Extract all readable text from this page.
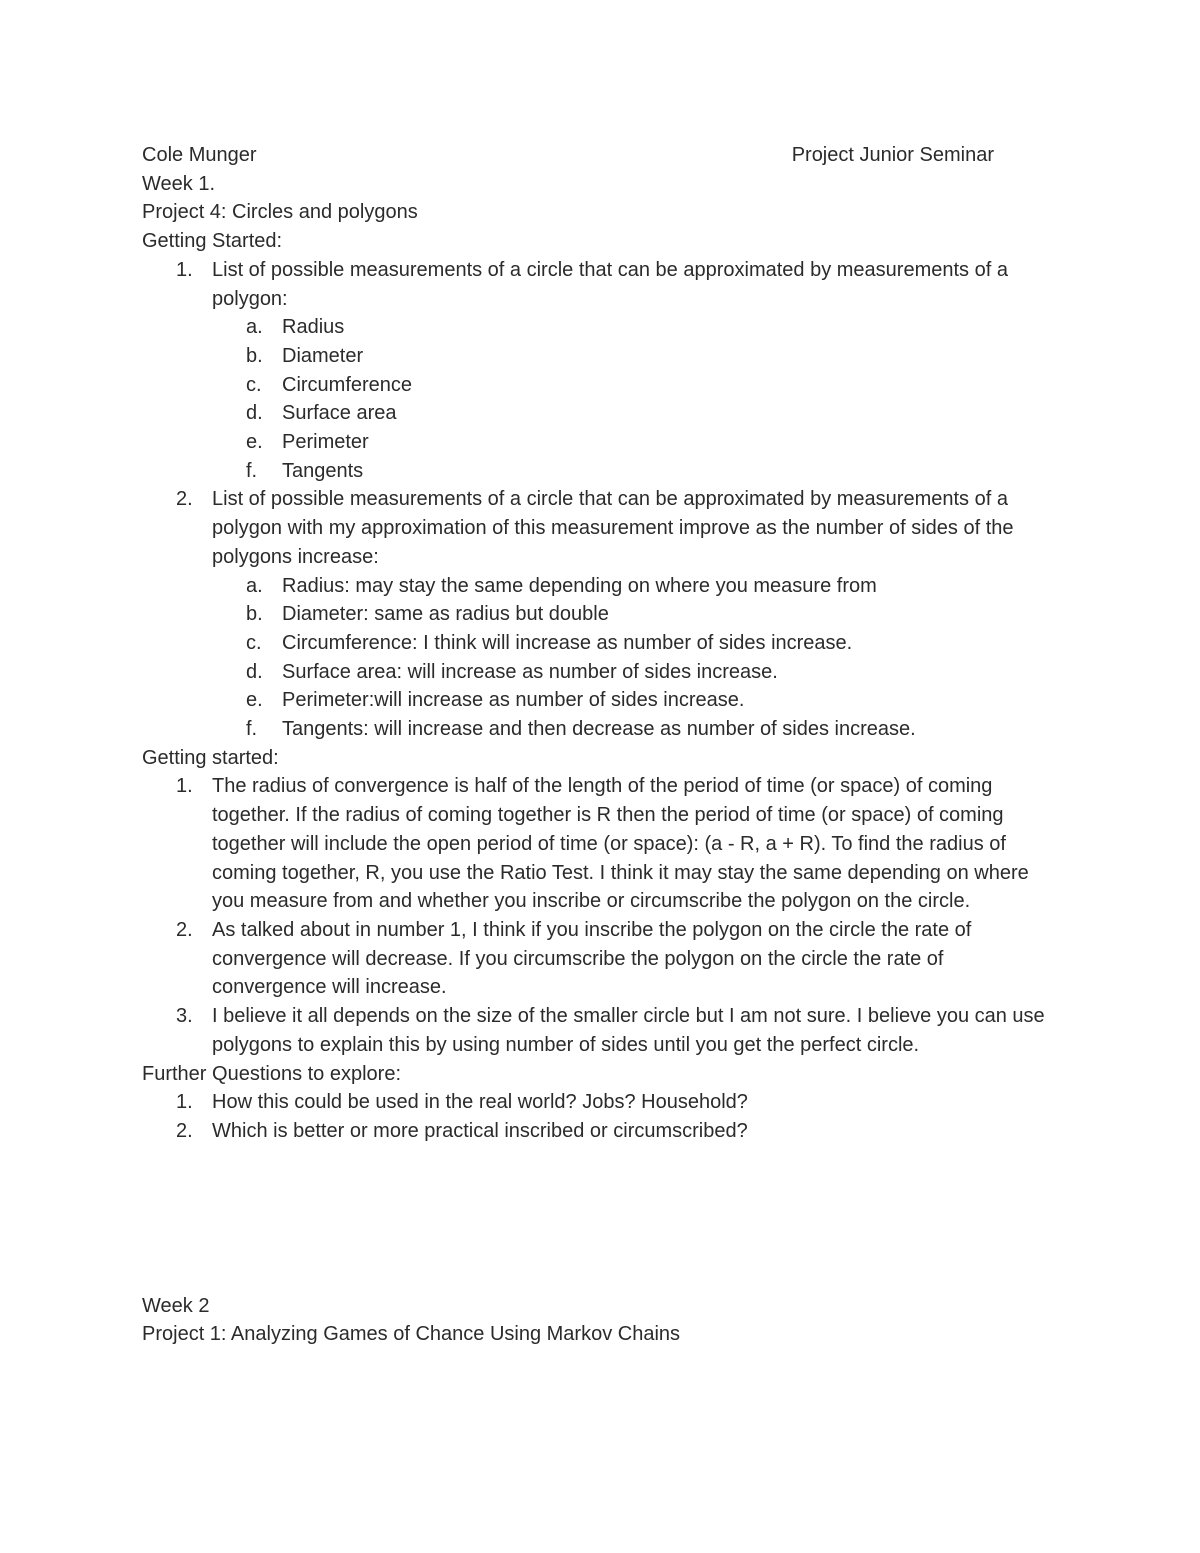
Cole Munger	Project Junior Seminar
Week 1.
Project 4: Circles and polygons
Getting Started:
1. List of possible measurements of a circle that can be approximated by measurements of a polygon:
a. Radius
b. Diameter
c. Circumference
d. Surface area
e. Perimeter
f. Tangents
2. List of possible measurements of a circle that can be approximated by measurements of a polygon with my approximation of this measurement improve as the number of sides of the polygons increase:
a. Radius: may stay the same depending on where you measure from
b. Diameter: same as radius but double
c. Circumference: I think will increase as number of sides increase.
d. Surface area: will increase as number of sides increase.
e. Perimeter:will increase as number of sides increase.
f. Tangents: will increase and then decrease as number of sides increase.
Getting started:
1. The radius of convergence is half of the length of the period of time (or space) of coming together. If the radius of coming together is R then the period of time (or space) of coming together will include the open period of time (or space): (a - R, a + R). To find the radius of coming together, R, you use the Ratio Test. I think it may stay the same depending on where you measure from and whether you inscribe or circumscribe the polygon on the circle.
2. As talked about in number 1, I think if you inscribe the polygon on the circle the rate of convergence will decrease. If you circumscribe the polygon on the circle the rate of convergence will increase.
3. I believe it all depends on the size of the smaller circle but I am not sure. I believe you can use polygons to explain this by using number of sides until you get the perfect circle.
Further Questions to explore:
1. How this could be used in the real world? Jobs? Household?
2. Which is better or more practical inscribed or circumscribed?
Week 2
Project 1: Analyzing Games of Chance Using Markov Chains
